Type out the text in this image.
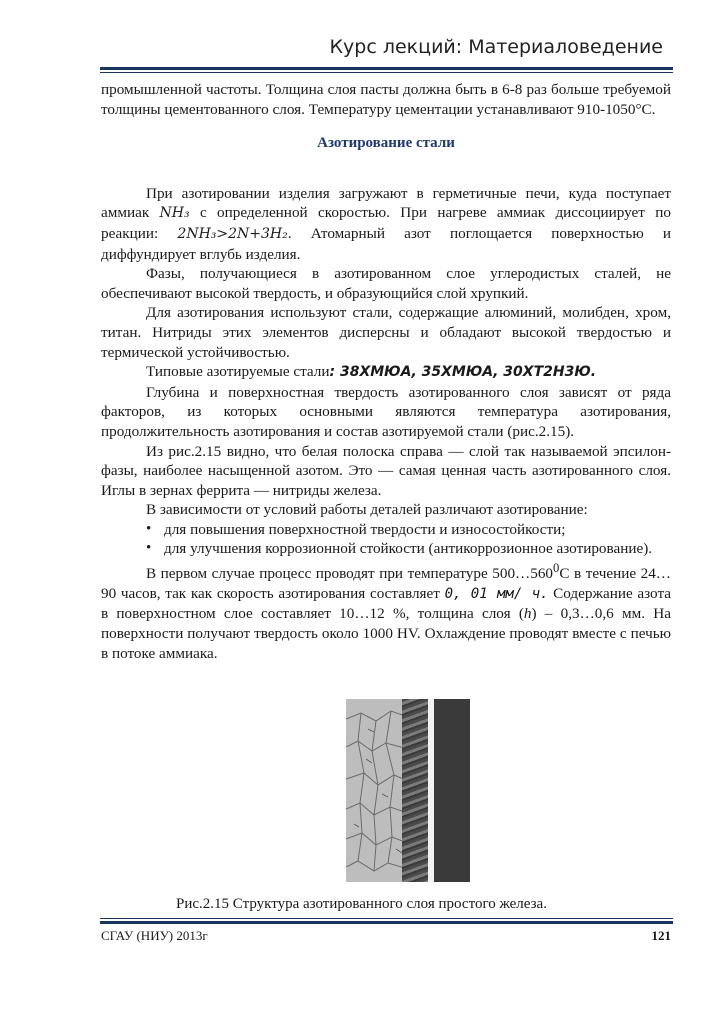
Курс лекций: Материаловедение

промышленной частоты. Толщина слоя пасты должна быть в 6-8 раз больше требуемой толщины цементованного слоя. Температуру цементации устанавливают 910-1050°С.

Азотирование стали

При азотировании изделия загружают в герметичные печи, куда поступает аммиак NH₃ с определенной скоростью. При нагреве аммиак диссоциирует по реакции: 2NH₃>2N+3H₂. Атомарный азот поглощается поверхностью и диффундирует вглубь изделия.

Фазы, получающиеся в азотированном слое углеродистых сталей, не обеспечивают высокой твердость, и образующийся слой хрупкий.

Для азотирования используют стали, содержащие алюминий, молибден, хром, титан. Нитриды этих элементов дисперсны и обладают высокой твердостью и термической устойчивостью.

Типовые азотируемые стали: 38ХМЮА, 35ХМЮА, 30ХТ2Н3Ю.

Глубина и поверхностная твердость азотированного слоя зависят от ряда факторов, из которых основными являются температура азотирования, продолжительность азотирования и состав азотируемой стали (рис.2.15).

Из рис.2.15 видно, что белая полоска справа — слой так называемой эпсилон-фазы, наиболее насыщенной азотом. Это — самая ценная часть азотированного слоя. Иглы в зернах феррита — нитриды железа.

В зависимости от условий работы деталей различают азотирование:

• для повышения поверхностной твердости и износостойкости;
• для улучшения коррозионной стойкости (антикоррозионное азотирование).

В первом случае процесс проводят при температуре $500\dots 560^0С$ в течение 24…90 часов, так как скорость азотирования составляет 0, 01 мм/ ч. Содержание азота в поверхностном слое составляет 10…12 %, толщина слоя (h) – 0,3…0,6 мм. На поверхности получают твердость около 1000 HV. Охлаждение проводят вместе с печью в потоке аммиака.

Рис.2.15 Структура азотированного слоя простого железа.
СГАУ (НИУ) 2013г	121
